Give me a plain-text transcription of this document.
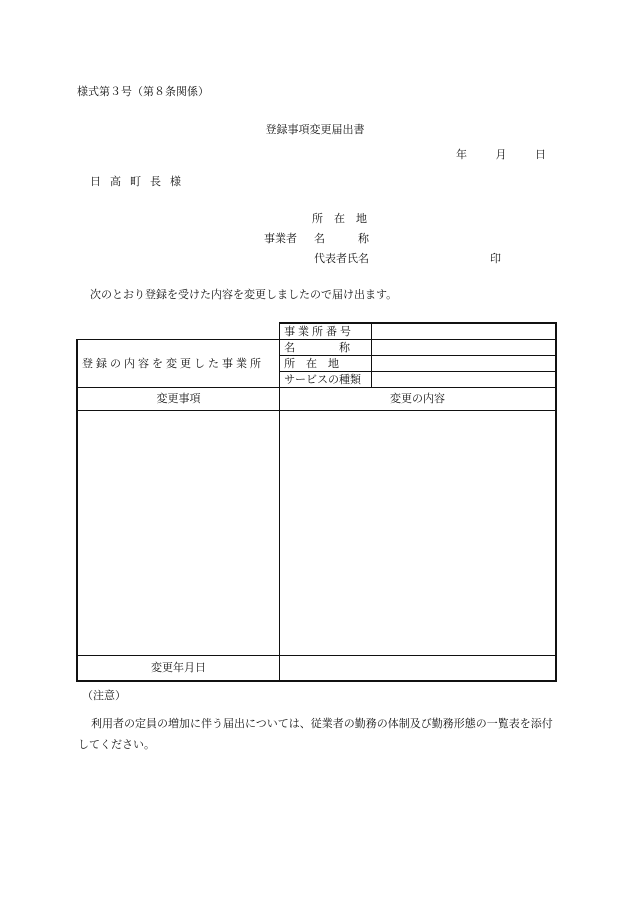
様式第３号（第８条関係）
登録事項変更届出書
年	月	日
日高町長様
所　在　地
事業者 名　　　称
代表者氏名	印
次のとおり登録を受けた内容を変更しましたので届け出ます。
	事業所番号	
登録の内容を変更した事業所	名　　　　称	
	所　在　地	
	サービスの種類	
変更事項	変更の内容	

変更年月日		
（注意）
利用者の定員の増加に伴う届出については、従業者の勤務の体制及び勤務形態の一覧表を添付してください。
